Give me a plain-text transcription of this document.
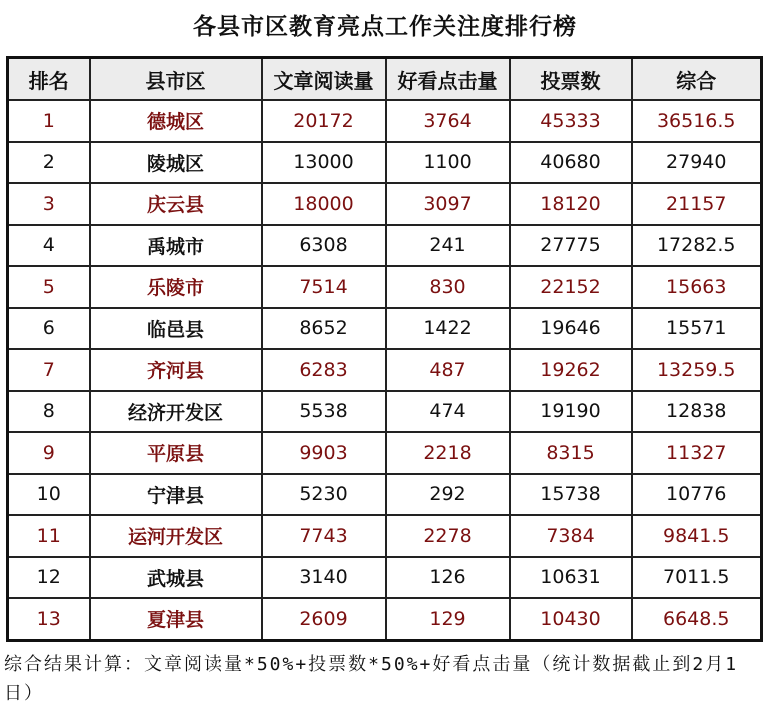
各县市区教育亮点工作关注度排行榜
排名	县市区	文章阅读量	好看点击量	投票数	综合
1	德城区	20172	3764	45333	36516.5
2	陵城区	13000	1100	40680	27940
3	庆云县	18000	3097	18120	21157
4	禹城市	6308	241	27775	17282.5
5	乐陵市	7514	830	22152	15663
6	临邑县	8652	1422	19646	15571
7	齐河县	6283	487	19262	13259.5
8	经济开发区	5538	474	19190	12838
9	平原县	9903	2218	8315	11327
10	宁津县	5230	292	15738	10776
11	运河开发区	7743	2278	7384	9841.5
12	武城县	3140	126	10631	7011.5
13	夏津县	2609	129	10430	6648.5
综合结果计算：文章阅读量*50%+投票数*50%+好看点击量（统计数据截止到2月1日）
